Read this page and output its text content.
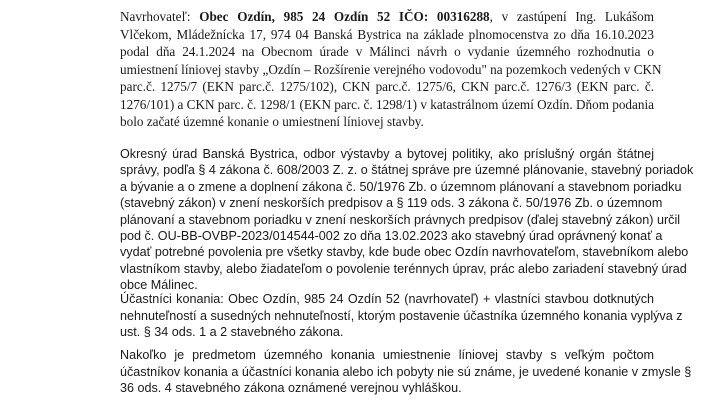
Navrhovateľ: Obec Ozdín, 985 24 Ozdín 52 IČO: 00316288, v zastúpení Ing. Lukášom
Vlčekom, Mládežnícka 17, 974 04 Banská Bystrica na základe plnomocenstva zo dňa 16.10.2023
podal dňa 24.1.2024 na Obecnom úrade v Málinci návrh o vydanie územného rozhodnutia o
umiestnení líniovej stavby „Ozdín – Rozšírenie verejného vodovodu" na pozemkoch vedených v CKN
parc.č. 1275/7 (EKN parc.č. 1275/102), CKN parc.č. 1275/6, CKN parc.č. 1276/3 (EKN parc. č.
1276/101) a CKN parc. č. 1298/1 (EKN parc. č. 1298/1) v katastrálnom území Ozdín. Dňom podania
bolo začaté územné konanie o umiestnení líniovej stavby.

Okresný úrad Banská Bystrica, odbor výstavby a bytovej politiky, ako príslušný orgán štátnej
správy, podľa § 4 zákona č. 608/2003 Z. z. o štátnej správe pre územné plánovanie, stavebný poriadok
a bývanie a o zmene a doplnení zákona č. 50/1976 Zb. o územnom plánovaní a stavebnom poriadku
(stavebný zákon) v znení neskorších predpisov a § 119 ods. 3 zákona č. 50/1976 Zb. o územnom
plánovaní a stavebnom poriadku v znení neskorších právnych predpisov (ďalej stavebný zákon) určil
pod č. OU-BB-OVBP-2023/014544-002 zo dňa 13.02.2023 ako stavebný úrad oprávnený konať a
vydať potrebné povolenia pre všetky stavby, kde bude obec Ozdín navrhovateľom, stavebníkom alebo
vlastníkom stavby, alebo žiadateľom o povolenie terénnych úprav, prác alebo zariadení stavebný úrad
obce Málinec.

Účastníci konania: Obec Ozdín, 985 24 Ozdín 52 (navrhovateľ) + vlastníci stavbou dotknutých
nehnuteľností a susedných nehnuteľností, ktorým postavenie účastníka územného konania vyplýva z
ust. § 34 ods. 1 a 2 stavebného zákona.

Nakoľko je predmetom územného konania umiestnenie líniovej stavby s veľkým počtom
účastníkov konania a účastníci konania alebo ich pobyty nie sú známe, je uvedené konanie v zmysle §
36 ods. 4 stavebného zákona oznámené verejnou vyhláškou.
